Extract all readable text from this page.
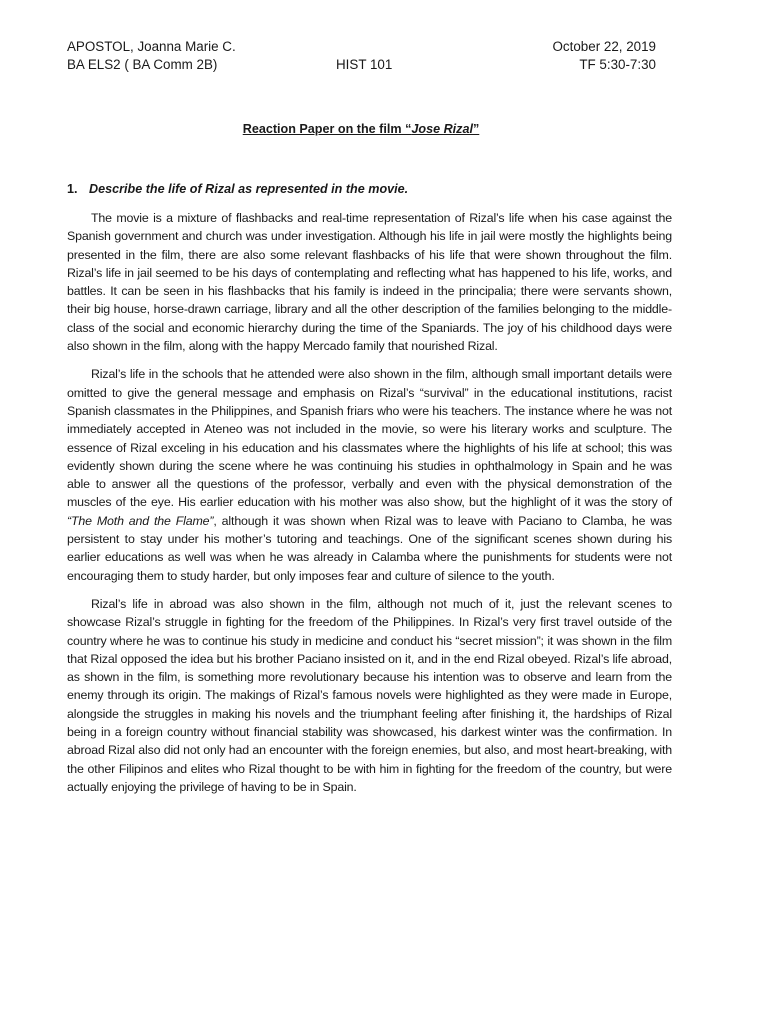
APOSTOL, Joanna Marie C.	October 22, 2019
BA ELS2 ( BA Comm 2B)	HIST 101	TF 5:30-7:30
Reaction Paper on the film “Jose Rizal”
1. Describe the life of Rizal as represented in the movie.

The movie is a mixture of flashbacks and real-time representation of Rizal’s life when his case against the Spanish government and church was under investigation. Although his life in jail were mostly the highlights being presented in the film, there are also some relevant flashbacks of his life that were shown throughout the film. Rizal’s life in jail seemed to be his days of contemplating and reflecting what has happened to his life, works, and battles. It can be seen in his flashbacks that his family is indeed in the principalia; there were servants shown, their big house, horse-drawn carriage, library and all the other description of the families belonging to the middle-class of the social and economic hierarchy during the time of the Spaniards. The joy of his childhood days were also shown in the film, along with the happy Mercado family that nourished Rizal.

Rizal’s life in the schools that he attended were also shown in the film, although small important details were omitted to give the general message and emphasis on Rizal’s “survival” in the educational institutions, racist Spanish classmates in the Philippines, and Spanish friars who were his teachers. The instance where he was not immediately accepted in Ateneo was not included in the movie, so were his literary works and sculpture. The essence of Rizal exceling in his education and his classmates where the highlights of his life at school; this was evidently shown during the scene where he was continuing his studies in ophthalmology in Spain and he was able to answer all the questions of the professor, verbally and even with the physical demonstration of the muscles of the eye. His earlier education with his mother was also show, but the highlight of it was the story of “The Moth and the Flame”, although it was shown when Rizal was to leave with Paciano to Clamba, he was persistent to stay under his mother’s tutoring and teachings. One of the significant scenes shown during his earlier educations as well was when he was already in Calamba where the punishments for students were not encouraging them to study harder, but only imposes fear and culture of silence to the youth.

Rizal’s life in abroad was also shown in the film, although not much of it, just the relevant scenes to showcase Rizal’s struggle in fighting for the freedom of the Philippines. In Rizal’s very first travel outside of the country where he was to continue his study in medicine and conduct his “secret mission”; it was shown in the film that Rizal opposed the idea but his brother Paciano insisted on it, and in the end Rizal obeyed. Rizal’s life abroad, as shown in the film, is something more revolutionary because his intention was to observe and learn from the enemy through its origin. The makings of Rizal’s famous novels were highlighted as they were made in Europe, alongside the struggles in making his novels and the triumphant feeling after finishing it, the hardships of Rizal being in a foreign country without financial stability was showcased, his darkest winter was the confirmation. In abroad Rizal also did not only had an encounter with the foreign enemies, but also, and most heart-breaking, with the other Filipinos and elites who Rizal thought to be with him in fighting for the freedom of the country, but were actually enjoying the privilege of having to be in Spain.
